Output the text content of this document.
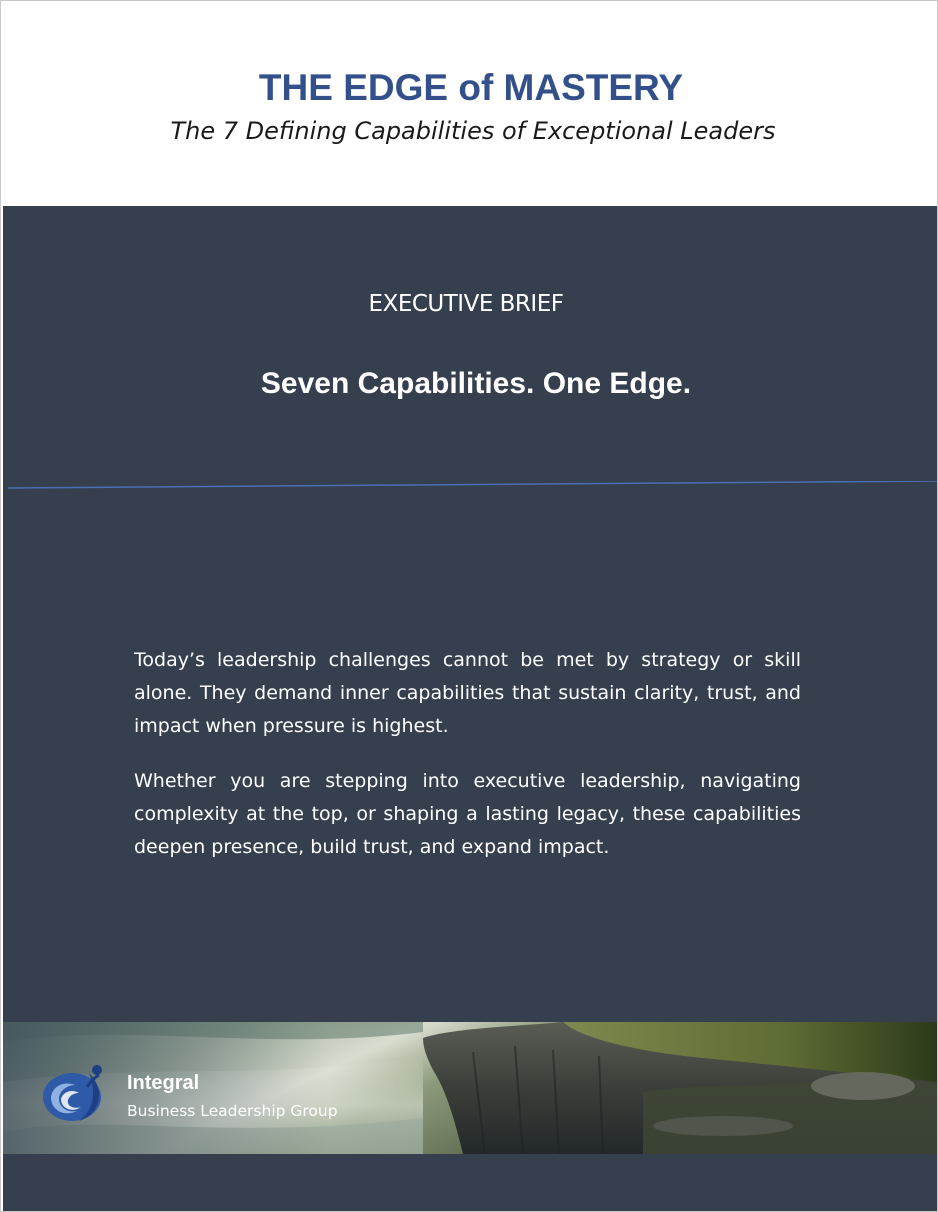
THE EDGE of MASTERY
The 7 Defining Capabilities of Exceptional Leaders
EXECUTIVE BRIEF
Seven Capabilities. One Edge.

Today’s leadership challenges cannot be met by strategy or skill alone. They demand inner capabilities that sustain clarity, trust, and impact when pressure is highest.

Whether you are stepping into executive leadership, navigating complexity at the top, or shaping a lasting legacy, these capabilities deepen presence, build trust, and expand impact.

Integral
Business Leadership Group
